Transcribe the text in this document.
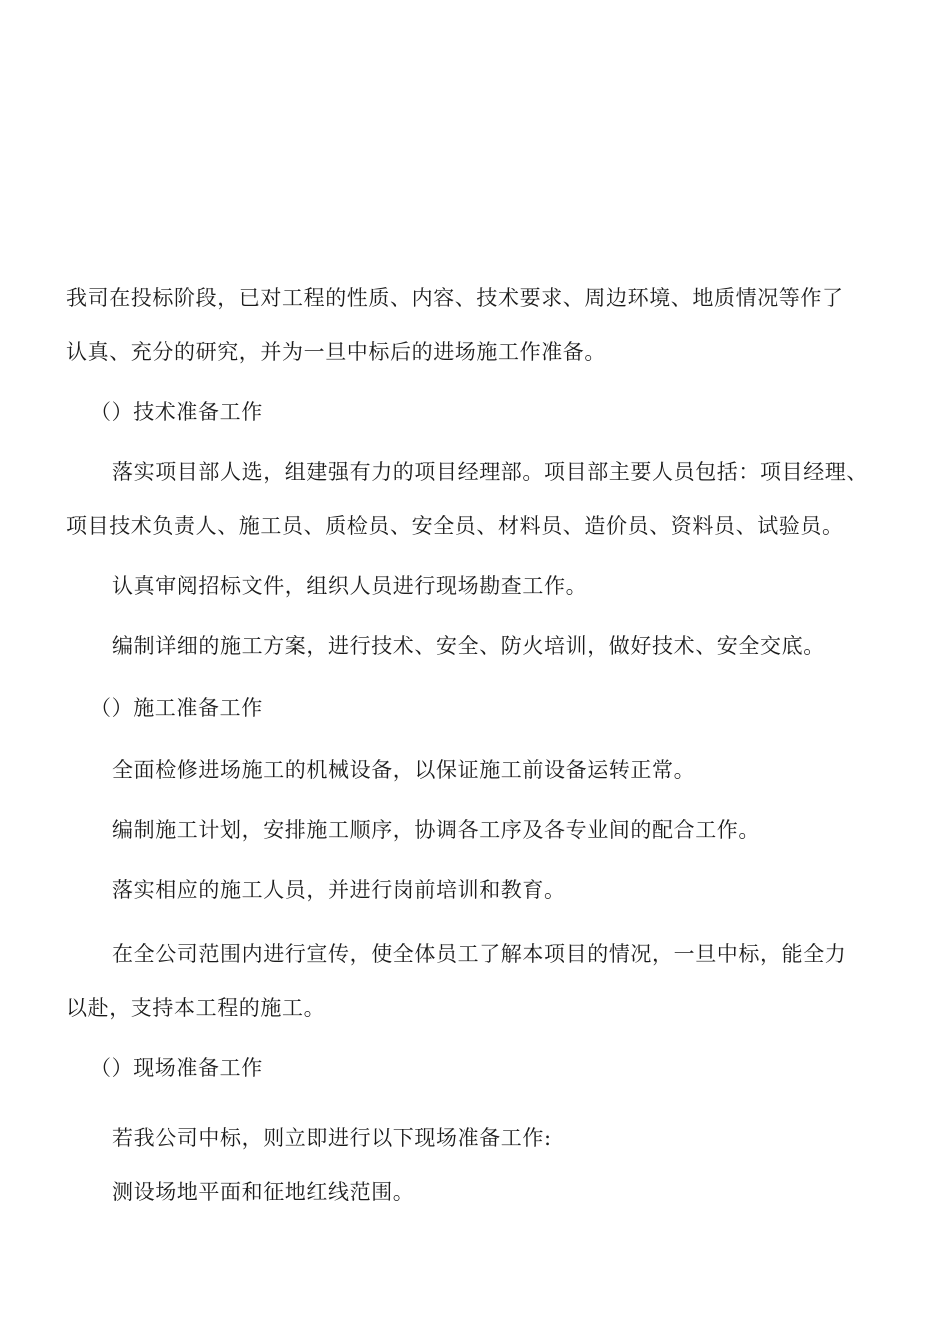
我司在投标阶段，已对工程的性质、内容、技术要求、周边环境、地质情况等作了
认真、充分的研究，并为一旦中标后的进场施工作准备。
（）技术准备工作
落实项目部人选，组建强有力的项目经理部。项目部主要人员包括：项目经理、
项目技术负责人、施工员、质检员、安全员、材料员、造价员、资料员、试验员。
认真审阅招标文件，组织人员进行现场勘查工作。
编制详细的施工方案，进行技术、安全、防火培训，做好技术、安全交底。
（）施工准备工作
全面检修进场施工的机械设备，以保证施工前设备运转正常。
编制施工计划，安排施工顺序，协调各工序及各专业间的配合工作。
落实相应的施工人员，并进行岗前培训和教育。
在全公司范围内进行宣传，使全体员工了解本项目的情况，一旦中标，能全力
以赴，支持本工程的施工。
（）现场准备工作
若我公司中标，则立即进行以下现场准备工作:
测设场地平面和征地红线范围。
